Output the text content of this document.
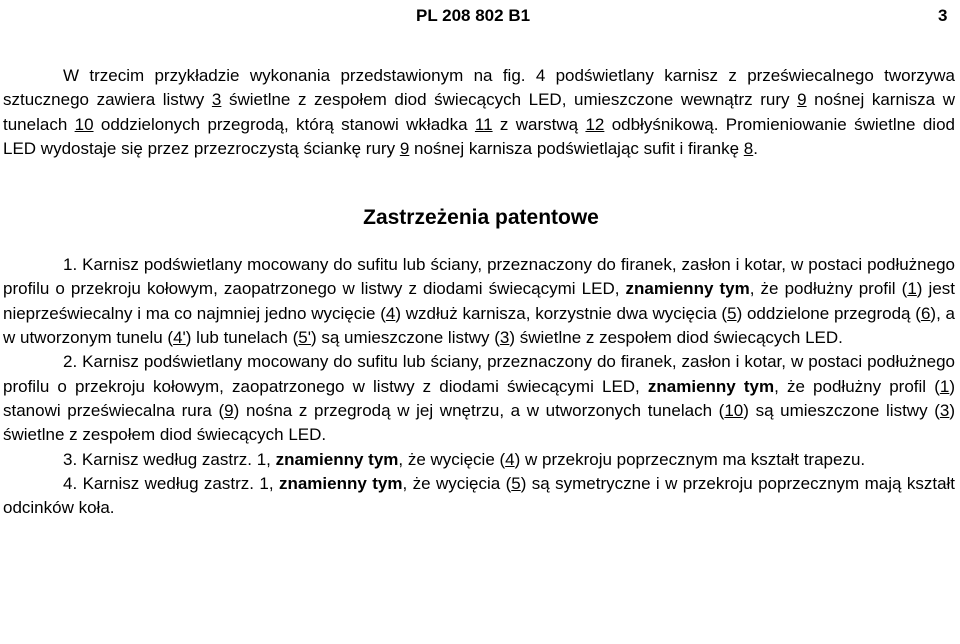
PL 208 802 B1	3

W trzecim przykładzie wykonania przedstawionym na fig. 4 podświetlany karnisz z przeświecalnego tworzywa sztucznego zawiera listwy 3 świetlne z zespołem diod świecących LED, umieszczone wewnątrz rury 9 nośnej karnisza w tunelach 10 oddzielonych przegrodą, którą stanowi wkładka 11 z warstwą 12 odbłyśnikową. Promieniowanie świetlne diod LED wydostaje się przez przezroczystą ściankę rury 9 nośnej karnisza podświetlając sufit i firankę 8.

Zastrzeżenia patentowe

1. Karnisz podświetlany mocowany do sufitu lub ściany, przeznaczony do firanek, zasłon i kotar, w postaci podłużnego profilu o przekroju kołowym, zaopatrzonego w listwy z diodami świecącymi LED, znamienny tym, że podłużny profil (1) jest nieprzeświecalny i ma co najmniej jedno wycięcie (4) wzdłuż karnisza, korzystnie dwa wycięcia (5) oddzielone przegrodą (6), a w utworzonym tunelu (4') lub tunelach (5') są umieszczone listwy (3) świetlne z zespołem diod świecących LED.

2. Karnisz podświetlany mocowany do sufitu lub ściany, przeznaczony do firanek, zasłon i kotar, w postaci podłużnego profilu o przekroju kołowym, zaopatrzonego w listwy z diodami świecącymi LED, znamienny tym, że podłużny profil (1) stanowi przeświecalna rura (9) nośna z przegrodą w jej wnętrzu, a w utworzonych tunelach (10) są umieszczone listwy (3) świetlne z zespołem diod świecących LED.

3. Karnisz według zastrz. 1, znamienny tym, że wycięcie (4) w przekroju poprzecznym ma kształt trapezu.

4. Karnisz według zastrz. 1, znamienny tym, że wycięcia (5) są symetryczne i w przekroju poprzecznym mają kształt odcinków koła.
